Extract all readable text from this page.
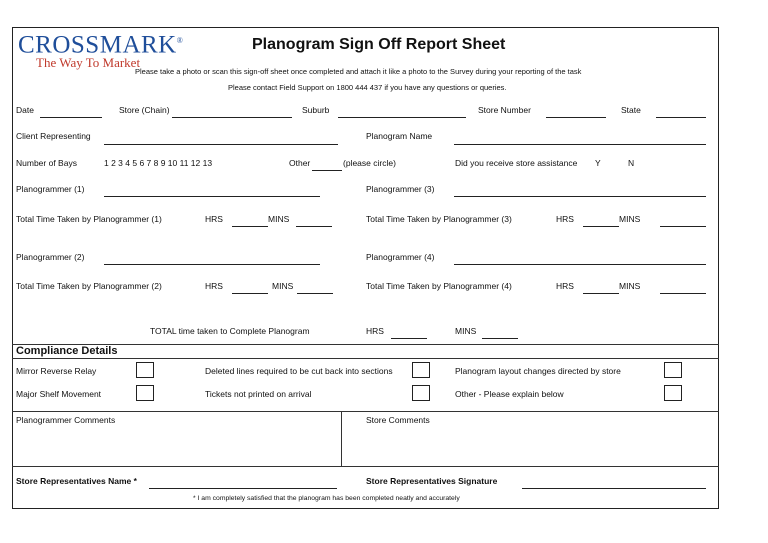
CROSSMARK®
The Way To Market
Planogram Sign Off Report Sheet
Please take a photo or scan this sign-off sheet once completed and attach it like a photo to the Survey during your reporting of the task
Please contact Field Support on 1800 444 437 if you have any questions or queries.
Date	Store (Chain)	Suburb	Store Number	State
Client Representing	Planogram Name
Number of Bays	1 2 3 4 5 6 7 8 9 10 11 12 13	Other	(please circle)	Did you receive store assistance Y	N
Planogrammer (1)	Planogrammer (3)
Total Time Taken by Planogrammer (1)	HRS	MINS	Total Time Taken by Planogrammer (3)	HRS	MINS
Planogrammer (2)	Planogrammer (4)
Total Time Taken by Planogrammer (2)	HRS	MINS	Total Time Taken by Planogrammer (4)	HRS	MINS
TOTAL time taken to Complete Planogram	HRS	MINS
Compliance Details
Mirror Reverse Relay	Deleted lines required to be cut back into sections	Planogram layout changes directed by store
Major Shelf Movement	Tickets not printed on arrival	Other - Please explain below
Planogrammer Comments	Store Comments
Store Representatives Name *	Store Representatives Signature
* I am completely satisfied that the planogram has been completed neatly and accurately
